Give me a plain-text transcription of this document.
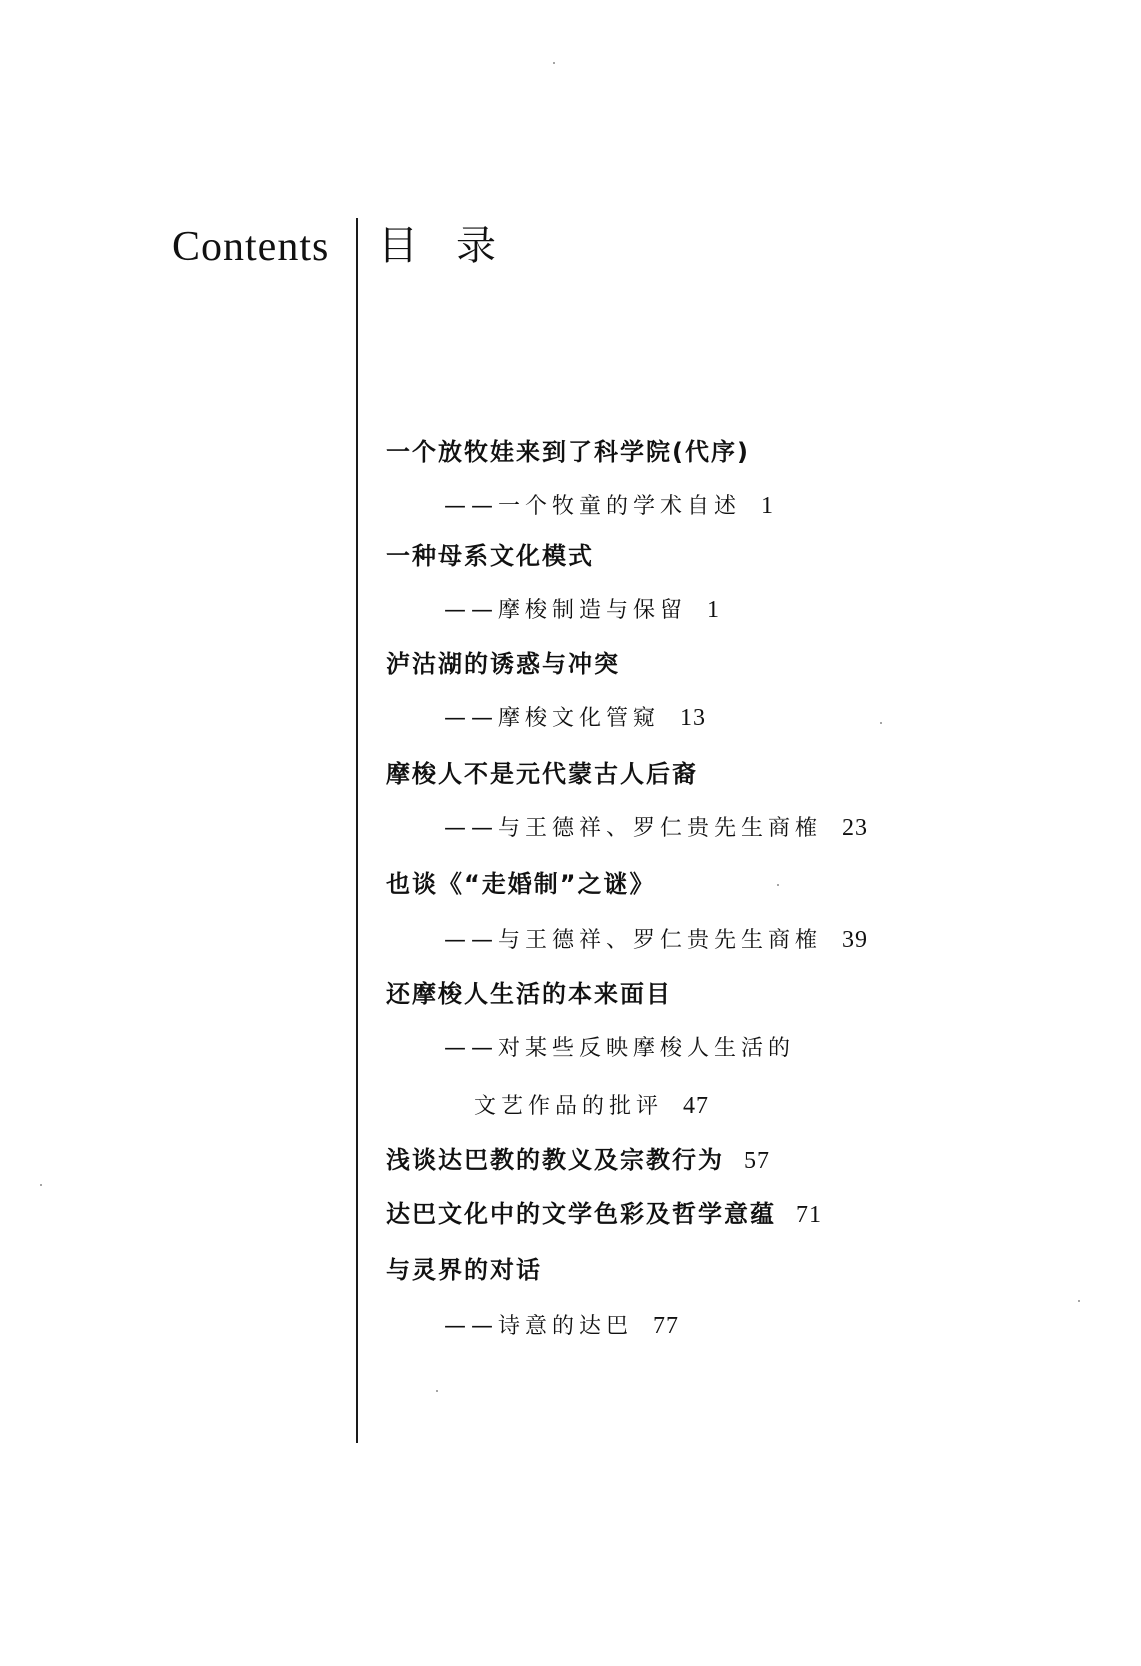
Contents 目录
一个放牧娃来到了科学院(代序)
——一个牧童的学术自述 1
一种母系文化模式
——摩梭制造与保留 1
泸沽湖的诱惑与冲突
——摩梭文化管窥 13
摩梭人不是元代蒙古人后裔
——与王德祥、罗仁贵先生商榷 23
也谈《“走婚制”之谜》
——与王德祥、罗仁贵先生商榷 39
还摩梭人生活的本来面目
——对某些反映摩梭人生活的
文艺作品的批评 47
浅谈达巴教的教义及宗教行为 57
达巴文化中的文学色彩及哲学意蕴 71
与灵界的对话
——诗意的达巴 77
